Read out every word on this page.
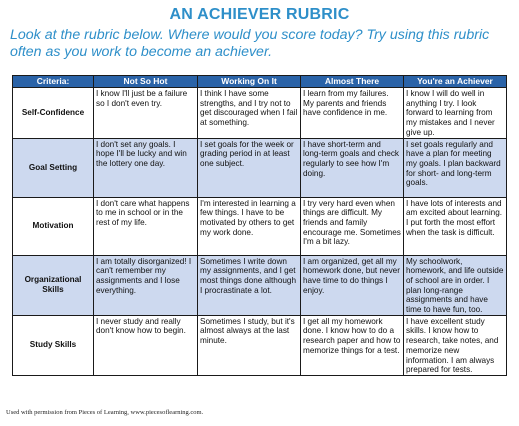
AN ACHIEVER RUBRIC
Look at the rubric below. Where would you score today? Try using this rubric often as you work to become an achiever.
Criteria:	Not So Hot	Working On It	Almost There	You're an Achiever
Self-Confidence	I know I'll just be a failure so I don't even try.	I think I have some strengths, and I try not to get discouraged when I fail at something.	I learn from my failures. My parents and friends have confidence in me.	I know I will do well in anything I try. I look forward to learning from my mistakes and I never give up.
Goal Setting	I don't set any goals. I hope I'll be lucky and win the lottery one day.	I set goals for the week or grading period in at least one subject.	I have short-term and long-term goals and check regularly to see how I'm doing.	I set goals regularly and have a plan for meeting my goals. I plan backward for short- and long-term goals.
Motivation	I don't care what happens to me in school or in the rest of my life.	I'm interested in learning a few things. I have to be motivated by others to get my work done.	I try very hard even when things are difficult. My friends and family encourage me. Sometimes I'm a bit lazy.	I have lots of interests and am excited about learning. I put forth the most effort when the task is difficult.
Organizational Skills	I am totally disorganized! I can't remember my assignments and I lose everything.	Sometimes I write down my assignments, and I get most things done although I procrastinate a lot.	I am organized, get all my homework done, but never have time to do things I enjoy.	My schoolwork, homework, and life outside of school are in order. I plan long-range assignments and have time to have fun, too.
Study Skills	I never study and really don't know how to begin.	Sometimes I study, but it's almost always at the last minute.	I get all my homework done. I know how to do a research paper and how to memorize things for a test.	I have excellent study skills. I know how to research, take notes, and memorize new information. I am always prepared for tests.
Used with permission from Pieces of Learning, www.piecesoflearning.com.
